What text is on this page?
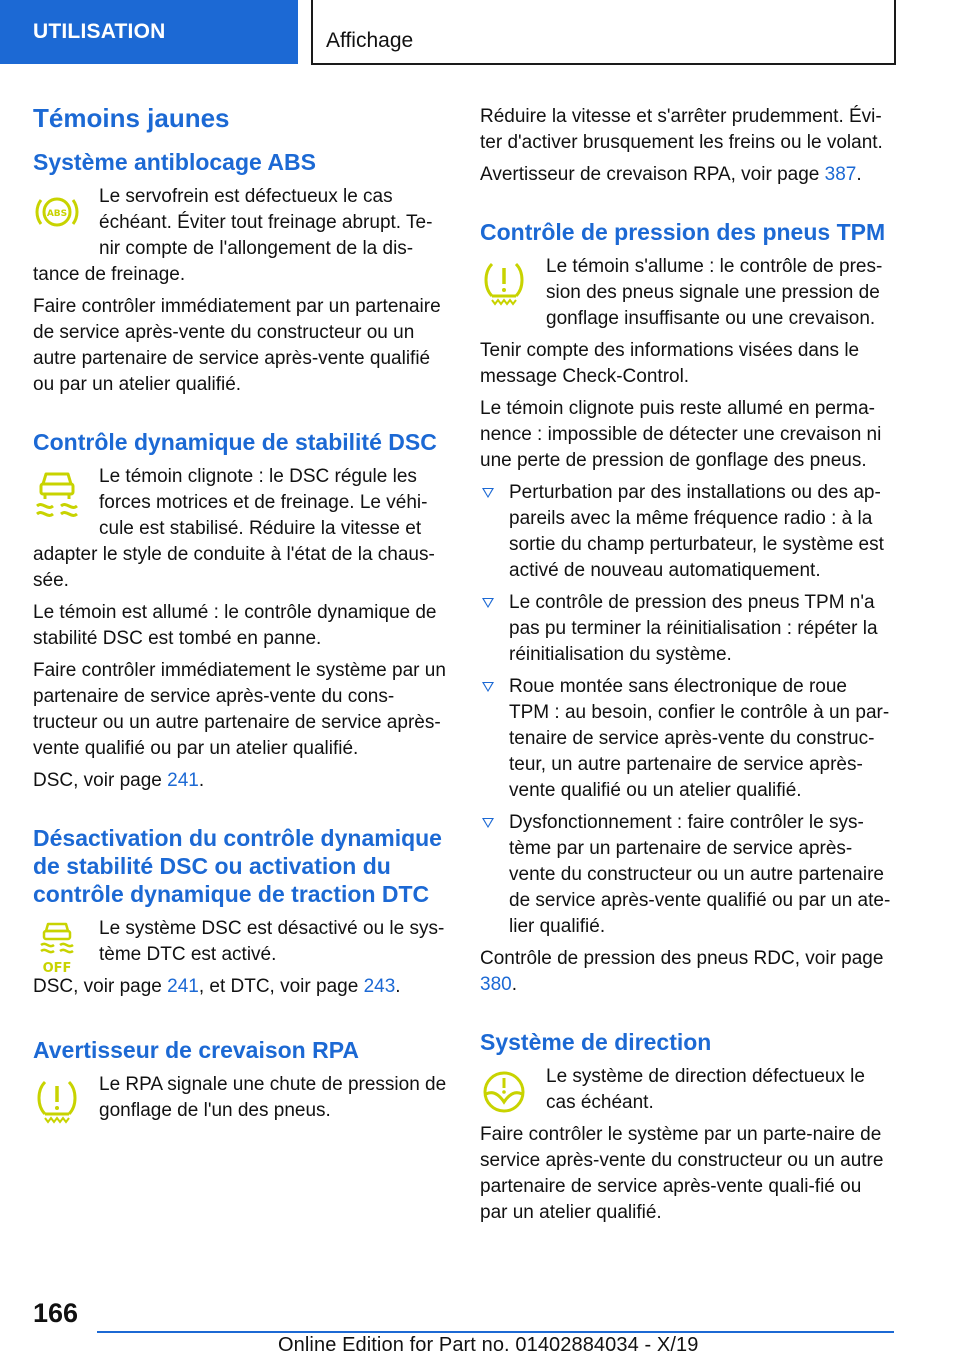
UTILISATION	Affichage
Témoins jaunes
Système antiblocage ABS
ABS

Le servofrein est défectueux le cas échéant. Éviter tout freinage abrupt. Te-nir compte de l'allongement de la dis-tance de freinage.

Faire contrôler immédiatement par un partenaire de service après-vente du constructeur ou un autre partenaire de service après-vente qualifié ou par un atelier qualifié.

Contrôle dynamique de stabilité DSC

Le témoin clignote : le DSC régule les forces motrices et de freinage. Le véhi-cule est stabilisé. Réduire la vitesse et adapter le style de conduite à l'état de la chaus-sée.

Le témoin est allumé : le contrôle dynamique de stabilité DSC est tombé en panne.

Faire contrôler immédiatement le système par un partenaire de service après-vente du cons-tructeur ou un autre partenaire de service après-vente qualifié ou par un atelier qualifié.

DSC, voir page 241.

Désactivation du contrôle dynamique de stabilité DSC ou activation du contrôle dynamique de traction DTC
OFF

Le système DSC est désactivé ou le sys-tème DTC est activé.

DSC, voir page 241, et DTC, voir page 243.

Avertisseur de crevaison RPA

Le RPA signale une chute de pression de gonflage de l'un des pneus.

Réduire la vitesse et s'arrêter prudemment. Évi-ter d'activer brusquement les freins ou le volant.

Avertisseur de crevaison RPA, voir page 387.

Contrôle de pression des pneus TPM

Le témoin s'allume : le contrôle de pres-sion des pneus signale une pression de gonflage insuffisante ou une crevaison.

Tenir compte des informations visées dans le message Check-Control.

Le témoin clignote puis reste allumé en perma-nence : impossible de détecter une crevaison ni une perte de pression de gonflage des pneus.

Perturbation par des installations ou des ap-pareils avec la même fréquence radio : à la sortie du champ perturbateur, le système est activé de nouveau automatiquement.
Le contrôle de pression des pneus TPM n'a pas pu terminer la réinitialisation : répéter la réinitialisation du système.
Roue montée sans électronique de roue TPM : au besoin, confier le contrôle à un par-tenaire de service après-vente du construc-teur, un autre partenaire de service après-vente qualifié ou un atelier qualifié.
Dysfonctionnement : faire contrôler le sys-tème par un partenaire de service après-vente du constructeur ou un autre partenaire de service après-vente qualifié ou par un ate-lier qualifié.

Contrôle de pression des pneus RDC, voir page 380.

Système de direction

Le système de direction défectueux le cas échéant.

Faire contrôler le système par un parte-naire de service après-vente du constructeur ou un autre partenaire de service après-vente quali-fié ou par un atelier qualifié.

166
Online Edition for Part no. 01402884034 - X/19
